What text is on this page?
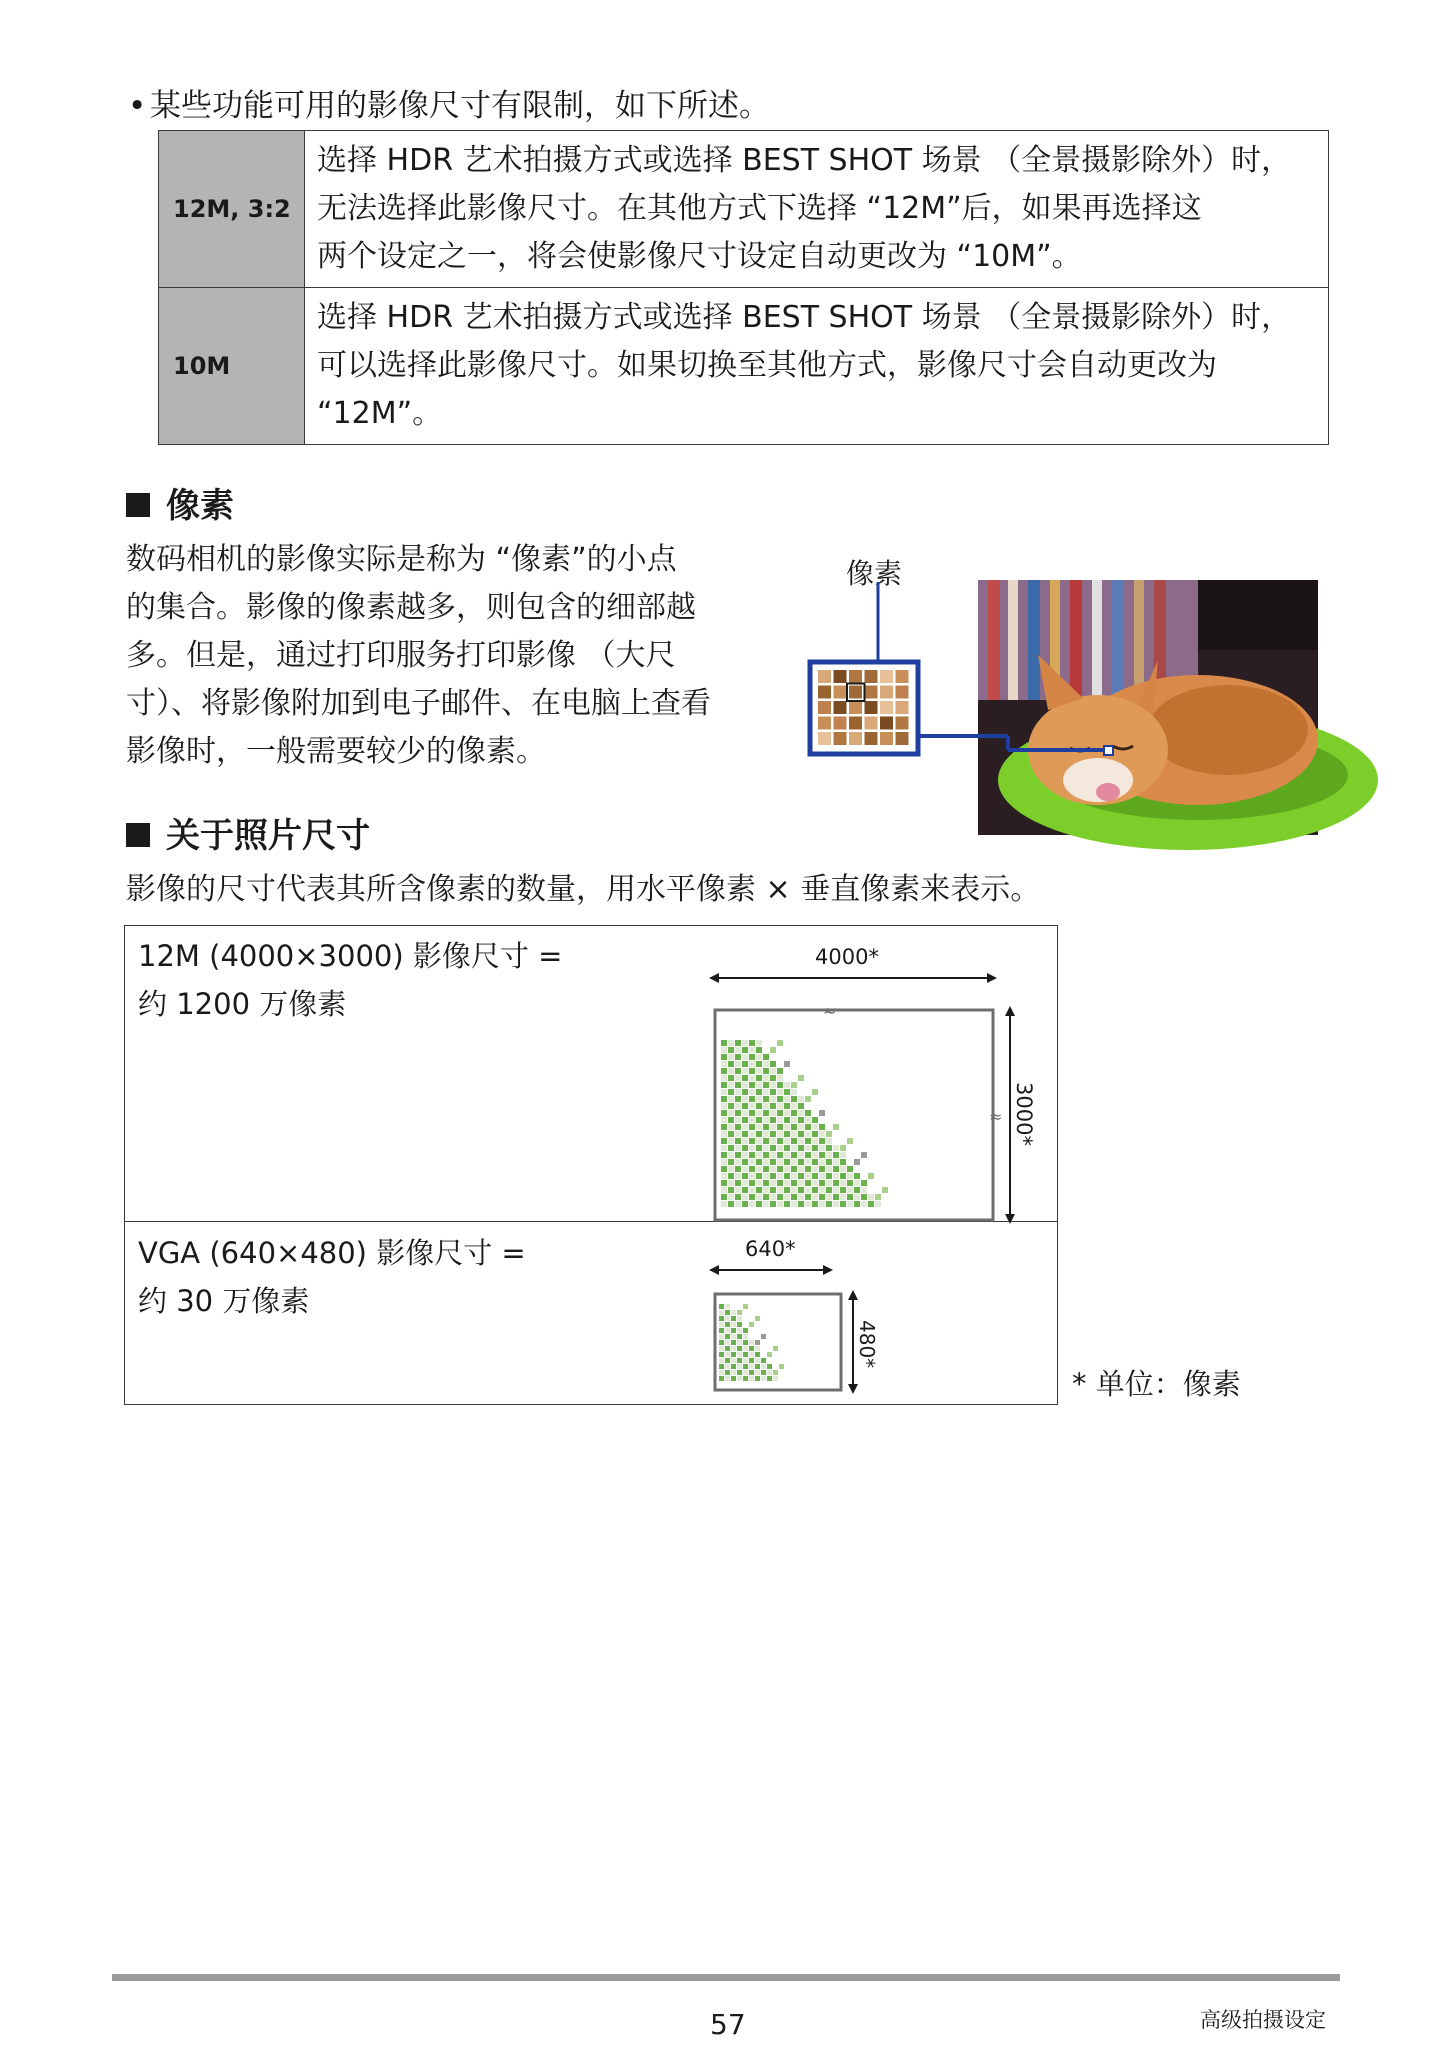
• 某些功能可用的影像尺寸有限制，如下所述。
12M, 3:2	选择 HDR 艺术拍摄方式或选择 BEST SHOT 场景 （全景摄影除外）时，
无法选择此影像尺寸。在其他方式下选择 “12M”后，如果再选择这
两个设定之一，将会使影像尺寸设定自动更改为 “10M”。

10M	选择 HDR 艺术拍摄方式或选择 BEST SHOT 场景 （全景摄影除外）时，
可以选择此影像尺寸。如果切换至其他方式，影像尺寸会自动更改为
“12M”。
像素
数码相机的影像实际是称为 “像素”的小点
的集合。影像的像素越多，则包含的细部越
多。但是，通过打印服务打印影像 （大尺
寸）、将影像附加到电子邮件、在电脑上查看
影像时，一般需要较少的像素。
像素
关于照片尺寸
影像的尺寸代表其所含像素的数量，用水平像素 × 垂直像素来表示。
12M (4000×3000) 影像尺寸 =
约 1200 万像素
VGA (640×480) 影像尺寸 =
约 30 万像素
4000*
≈
≈ 3000*
640*
480*
* 单位：像素
57	高级拍摄设定
